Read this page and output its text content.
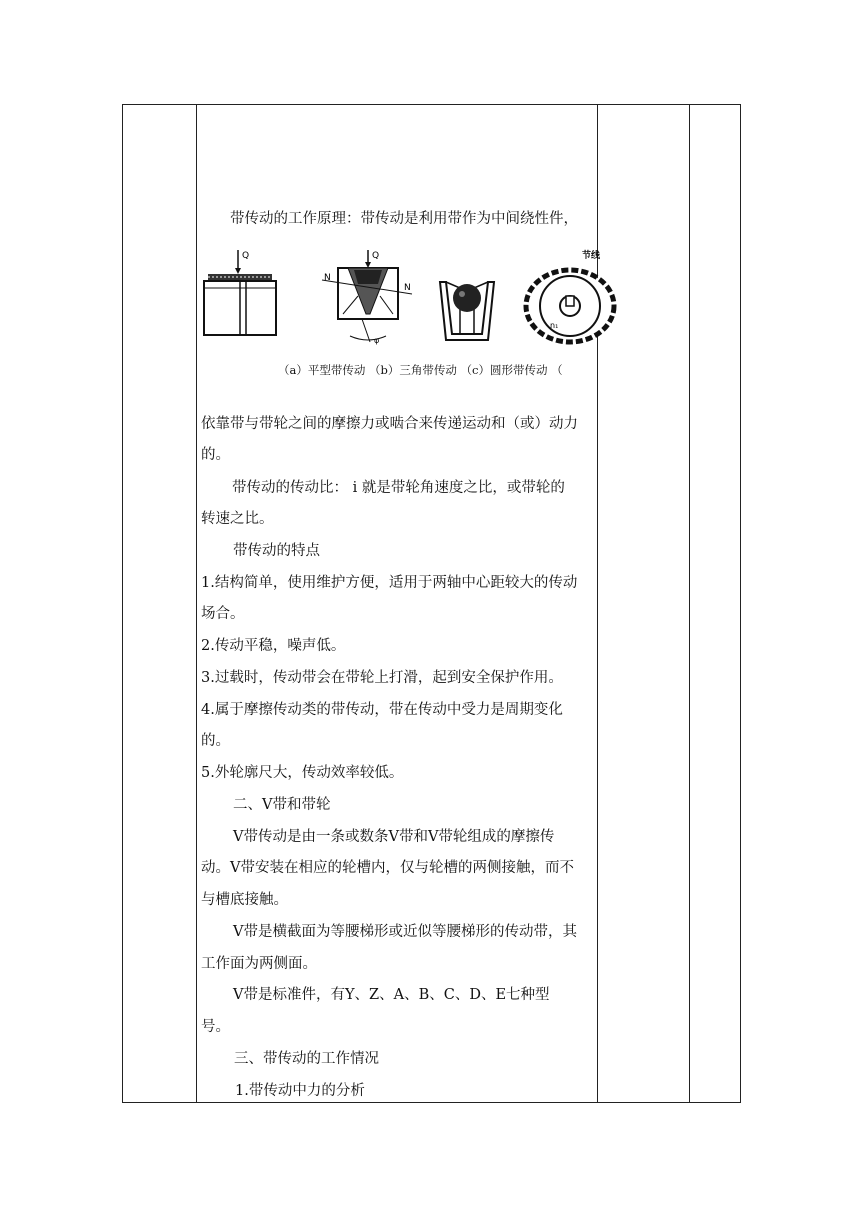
带传动的工作原理：带传动是利用带作为中间绕性件，
Q	Q
N
N
φ
节线
n₁
（a）平型带传动 （b）三角带传动 （c）圆形带传动 （
依靠带与带轮之间的摩擦力或啮合来传递运动和（或）动力
的。
带传动的传动比： i 就是带轮角速度之比，或带轮的
转速之比。
带传动的特点
1.结构简单，使用维护方便，适用于两轴中心距较大的传动
场合。
2.传动平稳，噪声低。
3.过载时，传动带会在带轮上打滑，起到安全保护作用。
4.属于摩擦传动类的带传动，带在传动中受力是周期变化
的。
5.外轮廓尺大，传动效率较低。
二、V带和带轮
V带传动是由一条或数条V带和V带轮组成的摩擦传
动。V带安装在相应的轮槽内，仅与轮槽的两侧接触，而不
与槽底接触。
V带是横截面为等腰梯形或近似等腰梯形的传动带，其
工作面为两侧面。
V带是标准件，有Y、Z、A、B、C、D、E七种型
号。
三、带传动的工作情况
1.带传动中力的分析
